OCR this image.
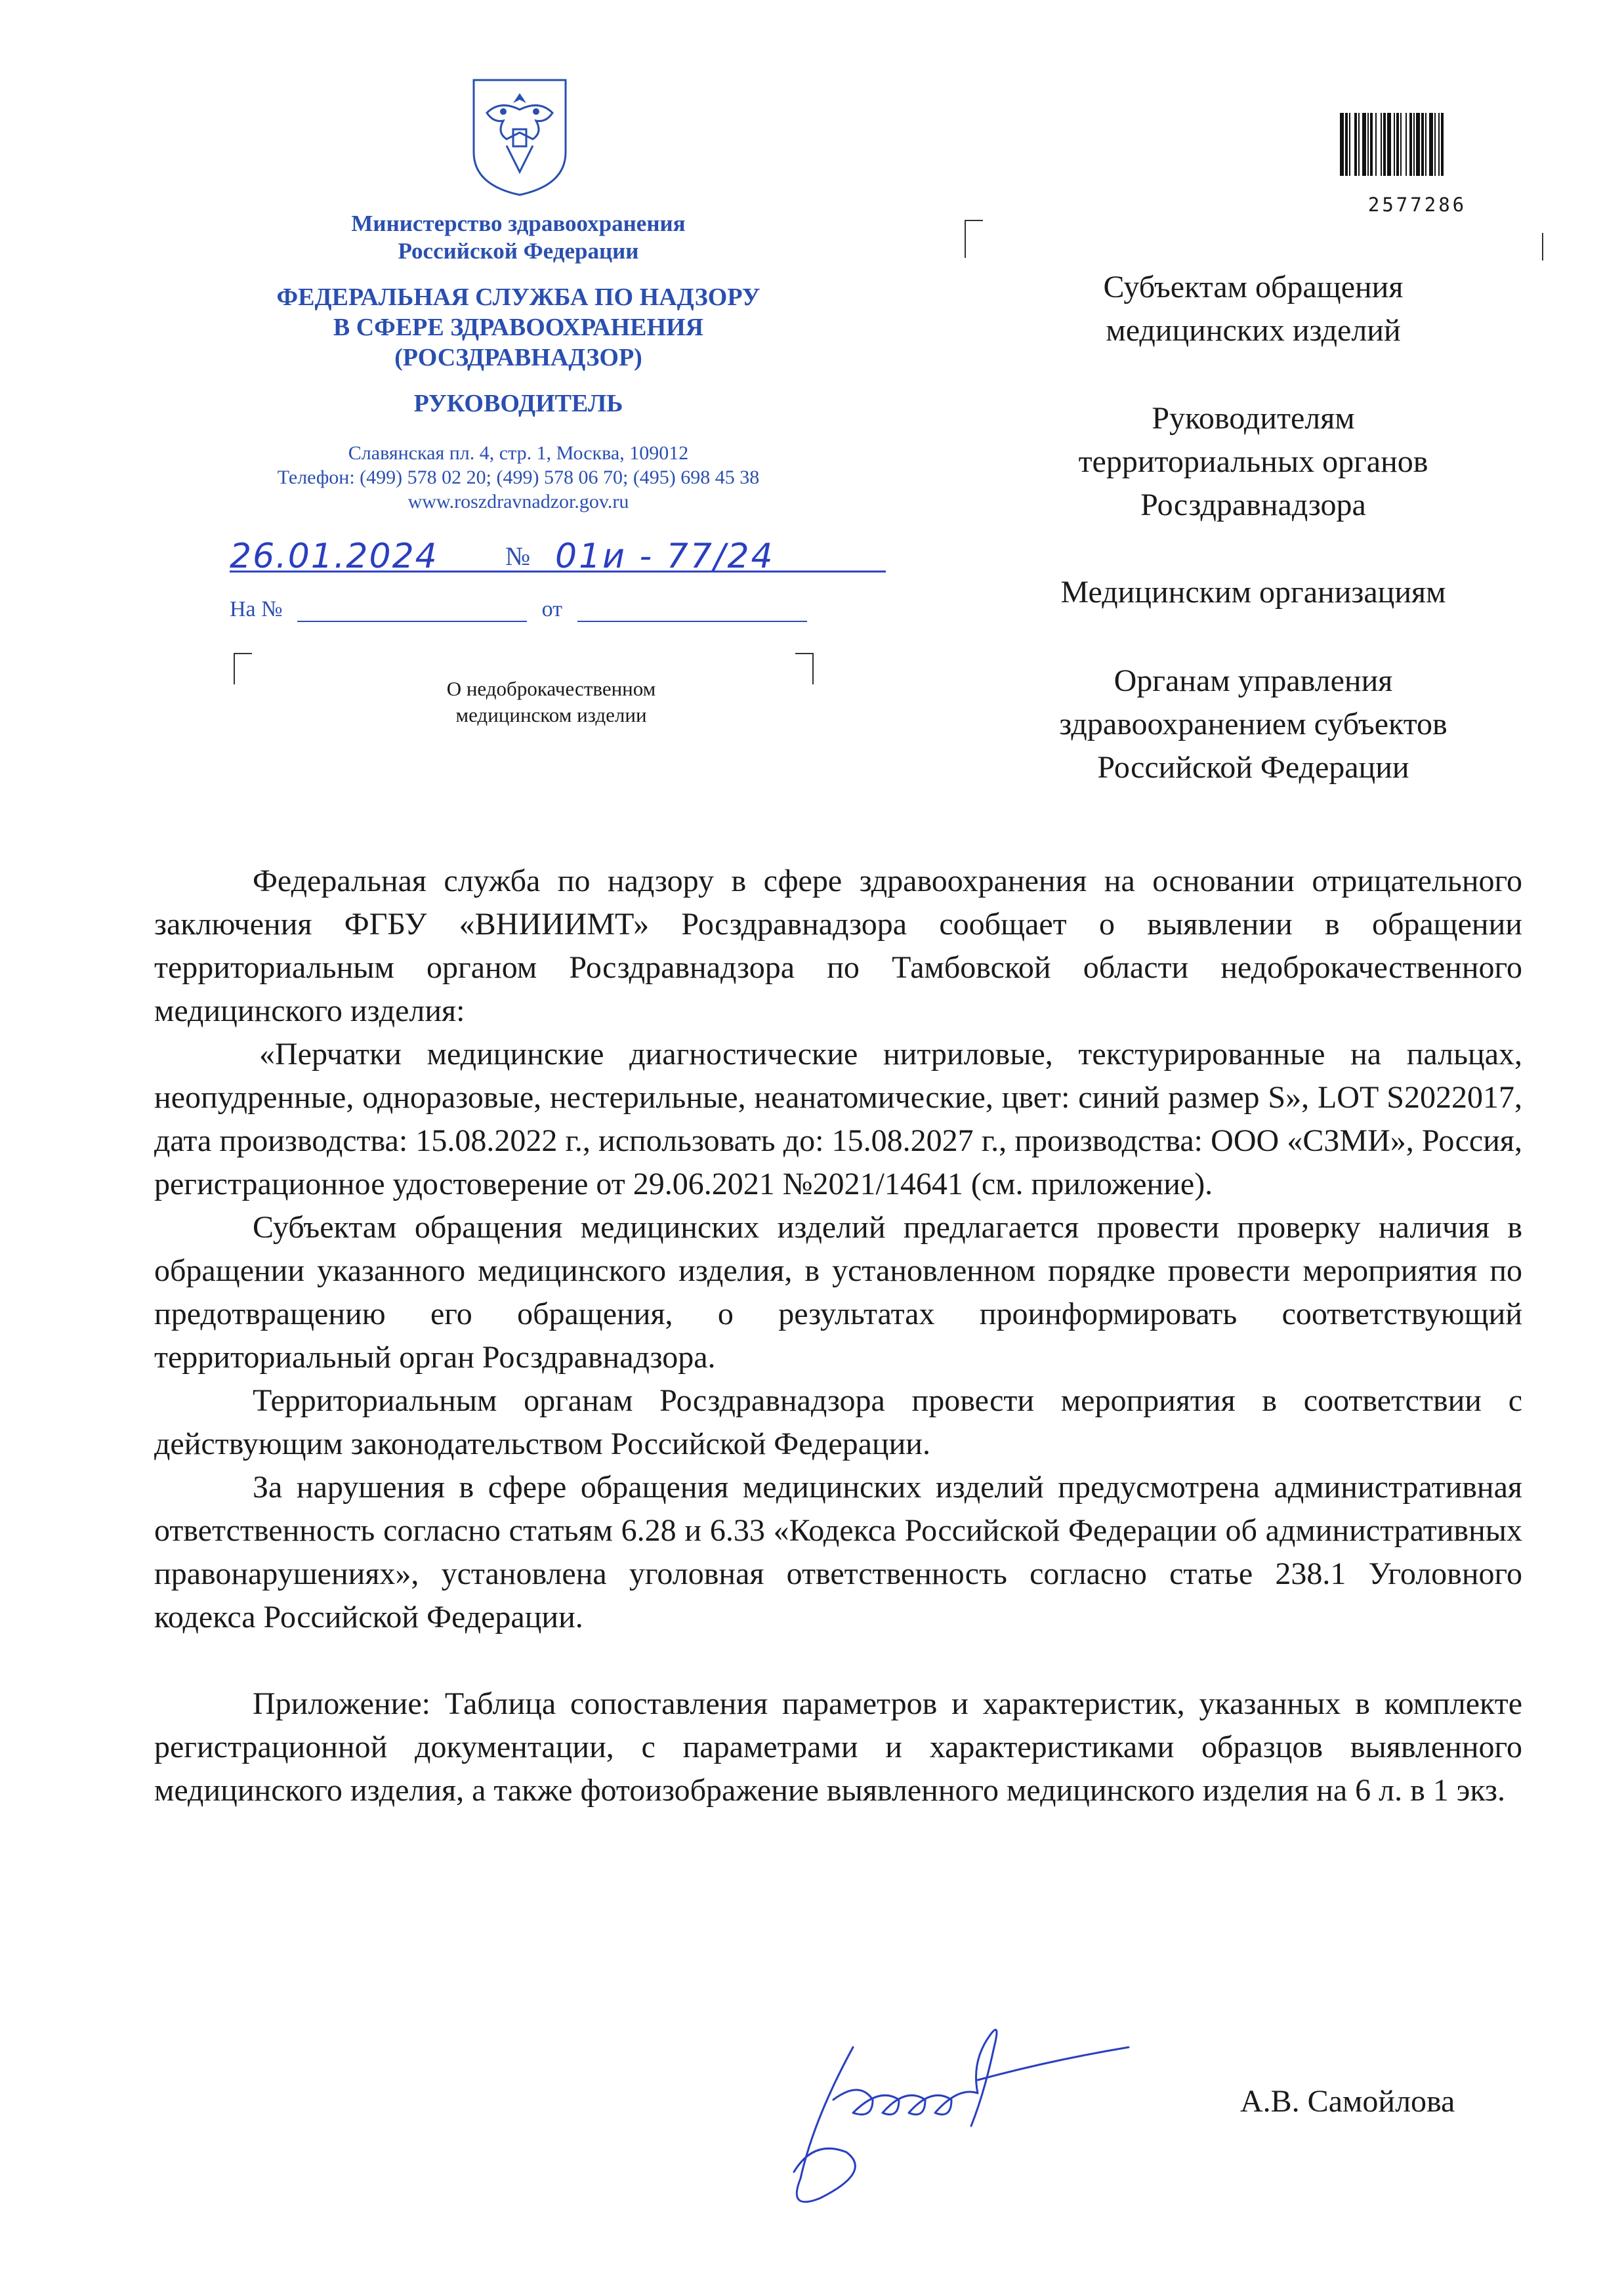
Министерство здравоохранения
Российской Федерации
ФЕДЕРАЛЬНАЯ СЛУЖБА ПО НАДЗОРУ
В СФЕРЕ ЗДРАВООХРАНЕНИЯ
(РОСЗДРАВНАДЗОР)
РУКОВОДИТЕЛЬ
Славянская пл. 4, стр. 1, Москва, 109012
Телефон: (499) 578 02 20; (499) 578 06 70; (495) 698 45 38
www.roszdravnadzor.gov.ru
26.01.2024	№ 01и - 77/24
На №	от
О недоброкачественном
медицинском изделии
2577286
Субъектам обращения
медицинских изделий
Руководителям
территориальных органов
Росздравнадзора
Медицинским организациям
Органам управления
здравоохранением субъектов
Российской Федерации

Федеральная служба по надзору в сфере здравоохранения на основании отрицательного заключения ФГБУ «ВНИИИМТ» Росздравнадзора сообщает о выявлении в обращении территориальным органом Росздравнадзора по Тамбовской области недоброкачественного медицинского изделия:

«Перчатки медицинские диагностические нитриловые, текстурированные на пальцах, неопудренные, одноразовые, нестерильные, неанатомические, цвет: синий размер S», LOT S2022017, дата производства: 15.08.2022 г., использовать до: 15.08.2027 г., производства: ООО «СЗМИ», Россия, регистрационное удостоверение от 29.06.2021 №2021/14641 (см. приложение).

Субъектам обращения медицинских изделий предлагается провести проверку наличия в обращении указанного медицинского изделия, в установленном порядке провести мероприятия по предотвращению его обращения, о результатах проинформировать соответствующий территориальный орган Росздравнадзора.

Территориальным органам Росздравнадзора провести мероприятия в соответствии с действующим законодательством Российской Федерации.

За нарушения в сфере обращения медицинских изделий предусмотрена административная ответственность согласно статьям 6.28 и 6.33 «Кодекса Российской Федерации об административных правонарушениях», установлена уголовная ответственность согласно статье 238.1 Уголовного кодекса Российской Федерации.

Приложение: Таблица сопоставления параметров и характеристик, указанных в комплекте регистрационной документации, с параметрами и характеристиками образцов выявленного медицинского изделия, а также фотоизображение выявленного медицинского изделия на 6 л. в 1 экз.

А.В. Самойлова
